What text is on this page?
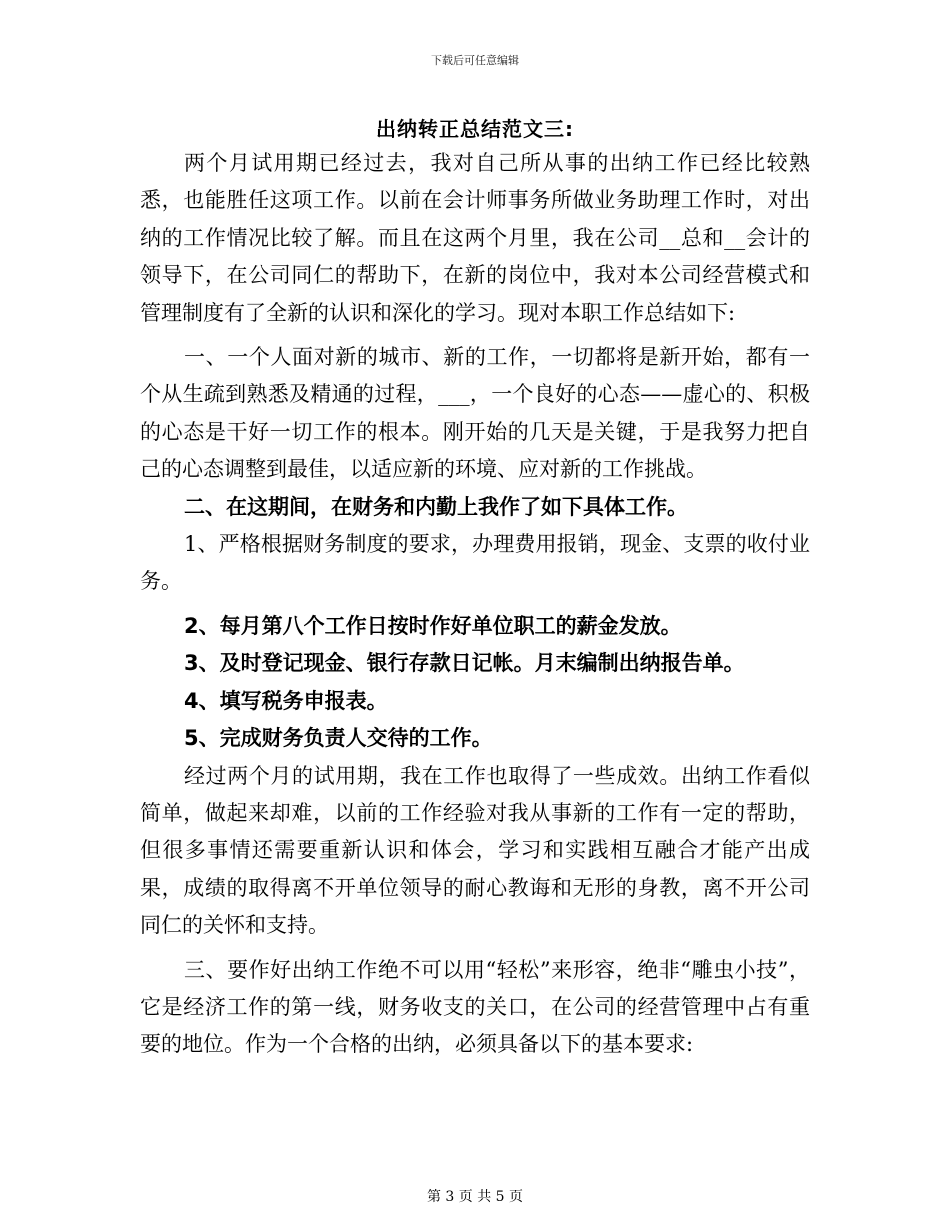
下载后可任意编辑
出纳转正总结范文三:

两个月试用期已经过去，我对自己所从事的出纳工作已经比较熟悉，也能胜任这项工作。以前在会计师事务所做业务助理工作时，对出纳的工作情况比较了解。而且在这两个月里，我在公司__总和__会计的领导下，在公司同仁的帮助下，在新的岗位中，我对本公司经营模式和管理制度有了全新的认识和深化的学习。现对本职工作总结如下:

一、一个人面对新的城市、新的工作，一切都将是新开始，都有一个从生疏到熟悉及精通的过程，___，一个良好的心态——虚心的、积极的心态是干好一切工作的根本。刚开始的几天是关键，于是我努力把自己的心态调整到最佳，以适应新的环境、应对新的工作挑战。

二、在这期间，在财务和内勤上我作了如下具体工作。

1、严格根据财务制度的要求，办理费用报销，现金、支票的收付业务。

2、每月第八个工作日按时作好单位职工的薪金发放。

3、及时登记现金、银行存款日记帐。月末编制出纳报告单。

4、填写税务申报表。

5、完成财务负责人交待的工作。

经过两个月的试用期，我在工作也取得了一些成效。出纳工作看似简单，做起来却难，以前的工作经验对我从事新的工作有一定的帮助，但很多事情还需要重新认识和体会，学习和实践相互融合才能产出成果，成绩的取得离不开单位领导的耐心教诲和无形的身教，离不开公司同仁的关怀和支持。

三、要作好出纳工作绝不可以用“轻松”来形容，绝非“雕虫小技”，它是经济工作的第一线，财务收支的关口，在公司的经营管理中占有重要的地位。作为一个合格的出纳，必须具备以下的基本要求:

第 3 页 共 5 页
